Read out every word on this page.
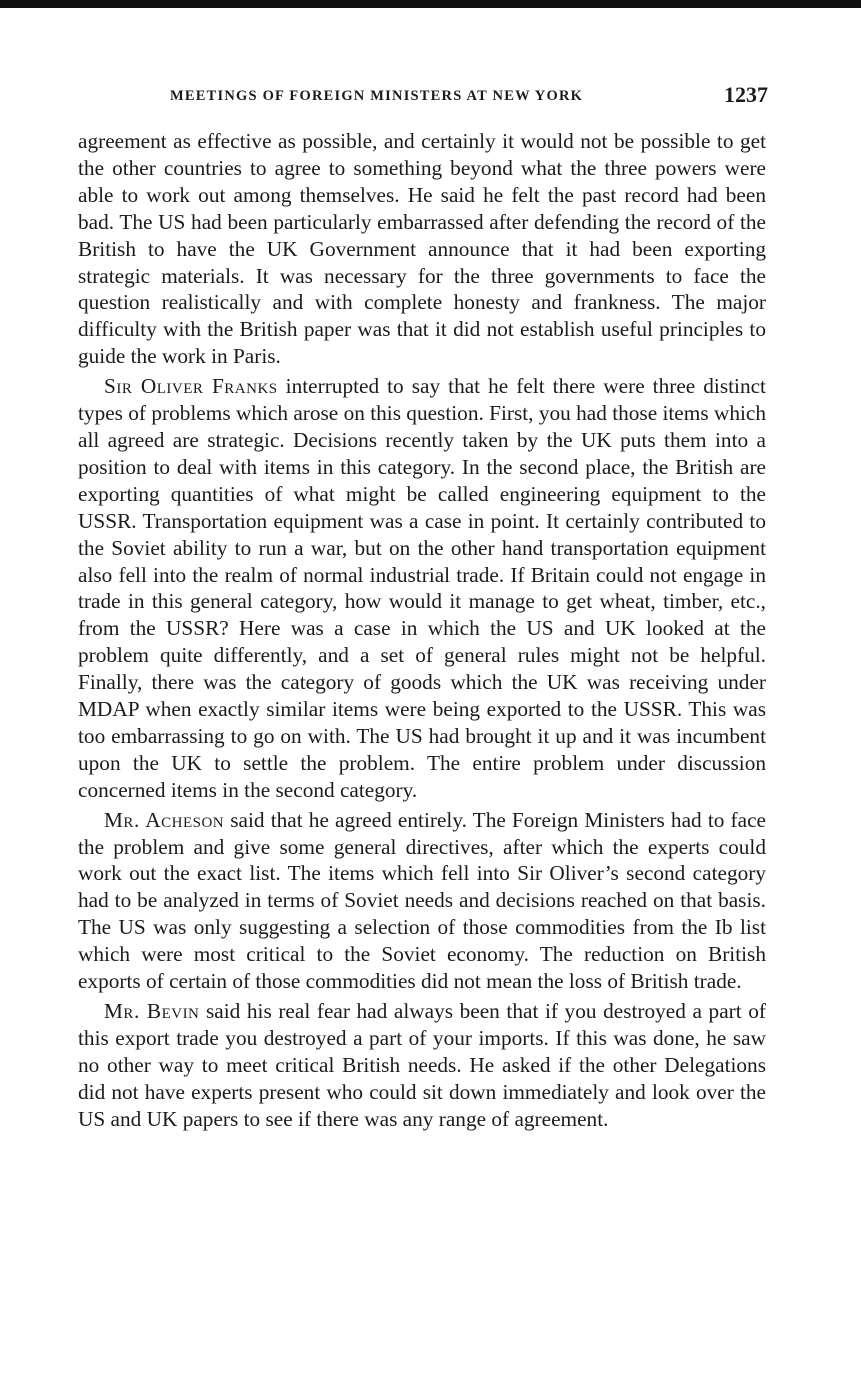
MEETINGS OF FOREIGN MINISTERS AT NEW YORK	1237

agreement as effective as possible, and certainly it would not be possible to get the other countries to agree to something beyond what the three powers were able to work out among themselves. He said he felt the past record had been bad. The US had been particularly embarrassed after defending the record of the British to have the UK Government announce that it had been exporting strategic materials. It was necessary for the three governments to face the question realistically and with complete honesty and frankness. The major difficulty with the British paper was that it did not establish useful principles to guide the work in Paris.

Sir Oliver Franks interrupted to say that he felt there were three distinct types of problems which arose on this question. First, you had those items which all agreed are strategic. Decisions recently taken by the UK puts them into a position to deal with items in this category. In the second place, the British are exporting quantities of what might be called engineering equipment to the USSR. Transportation equipment was a case in point. It certainly contributed to the Soviet ability to run a war, but on the other hand transportation equipment also fell into the realm of normal industrial trade. If Britain could not engage in trade in this general category, how would it manage to get wheat, timber, etc., from the USSR? Here was a case in which the US and UK looked at the problem quite differently, and a set of general rules might not be helpful. Finally, there was the category of goods which the UK was receiving under MDAP when exactly similar items were being exported to the USSR. This was too embarrassing to go on with. The US had brought it up and it was incumbent upon the UK to settle the problem. The entire problem under discussion concerned items in the second category.

Mr. Acheson said that he agreed entirely. The Foreign Ministers had to face the problem and give some general directives, after which the experts could work out the exact list. The items which fell into Sir Oliver’s second category had to be analyzed in terms of Soviet needs and decisions reached on that basis. The US was only suggesting a selection of those commodities from the Ib list which were most critical to the Soviet economy. The reduction on British exports of certain of those commodities did not mean the loss of British trade.

Mr. Bevin said his real fear had always been that if you destroyed a part of this export trade you destroyed a part of your imports. If this was done, he saw no other way to meet critical British needs. He asked if the other Delegations did not have experts present who could sit down immediately and look over the US and UK papers to see if there was any range of agreement.
